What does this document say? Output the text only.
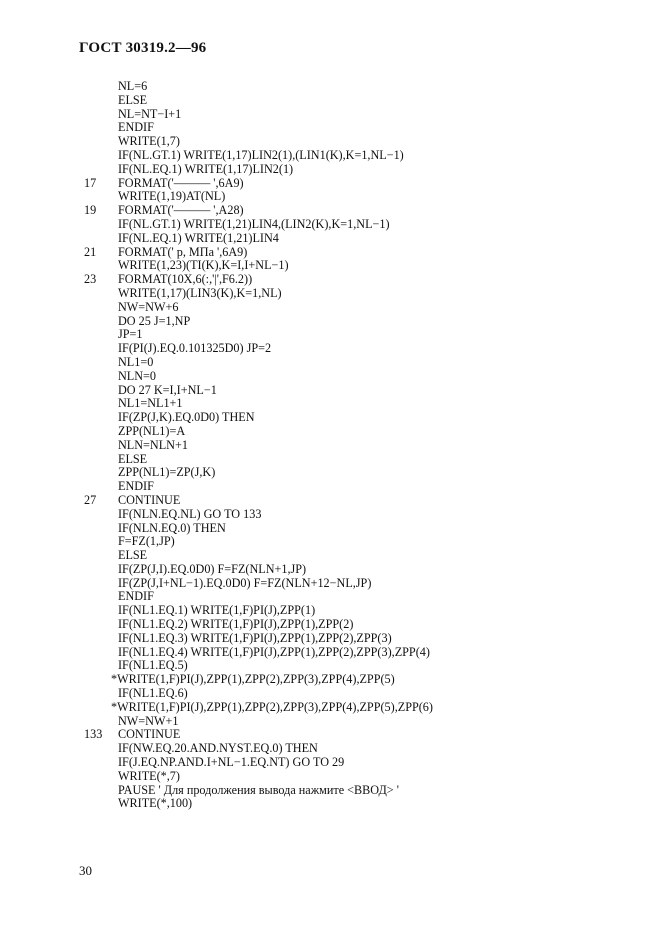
ГОСТ 30319.2—96
NL=6
ELSE
NL=NT−I+1
ENDIF
WRITE(1,7)
IF(NL.GT.1) WRITE(1,17)LIN2(1),(LIN1(K),K=1,NL−1)
IF(NL.EQ.1) WRITE(1,17)LIN2(1)
17 FORMAT('——— ',6A9)
WRITE(1,19)AT(NL)
19 FORMAT('——— ',A28)
IF(NL.GT.1) WRITE(1,21)LIN4,(LIN2(K),K=1,NL−1)
IF(NL.EQ.1) WRITE(1,21)LIN4
21 FORMAT(' p, МПа ',6A9)
WRITE(1,23)(TI(K),K=I,I+NL−1)
23 FORMAT(10X,6(:,'|',F6.2))
WRITE(1,17)(LIN3(K),K=1,NL)
NW=NW+6
DO 25 J=1,NP
JP=1
IF(PI(J).EQ.0.101325D0) JP=2
NL1=0
NLN=0
DO 27 K=I,I+NL−1
NL1=NL1+1
IF(ZP(J,K).EQ.0D0) THEN
ZPP(NL1)=A
NLN=NLN+1
ELSE
ZPP(NL1)=ZP(J,K)
ENDIF
27 CONTINUE
IF(NLN.EQ.NL) GO TO 133
IF(NLN.EQ.0) THEN
F=FZ(1,JP)
ELSE
IF(ZP(J,I).EQ.0D0) F=FZ(NLN+1,JP)
IF(ZP(J,I+NL−1).EQ.0D0) F=FZ(NLN+12−NL,JP)
ENDIF
IF(NL1.EQ.1) WRITE(1,F)PI(J),ZPP(1)
IF(NL1.EQ.2) WRITE(1,F)PI(J),ZPP(1),ZPP(2)
IF(NL1.EQ.3) WRITE(1,F)PI(J),ZPP(1),ZPP(2),ZPP(3)
IF(NL1.EQ.4) WRITE(1,F)PI(J),ZPP(1),ZPP(2),ZPP(3),ZPP(4)
IF(NL1.EQ.5)
*WRITE(1,F)PI(J),ZPP(1),ZPP(2),ZPP(3),ZPP(4),ZPP(5)
IF(NL1.EQ.6)
*WRITE(1,F)PI(J),ZPP(1),ZPP(2),ZPP(3),ZPP(4),ZPP(5),ZPP(6)
NW=NW+1
133 CONTINUE
IF(NW.EQ.20.AND.NYST.EQ.0) THEN
IF(J.EQ.NP.AND.I+NL−1.EQ.NT) GO TO 29
WRITE(*,7)
PAUSE ' Для продолжения вывода нажмите <ВВОД> '
WRITE(*,100)
30
